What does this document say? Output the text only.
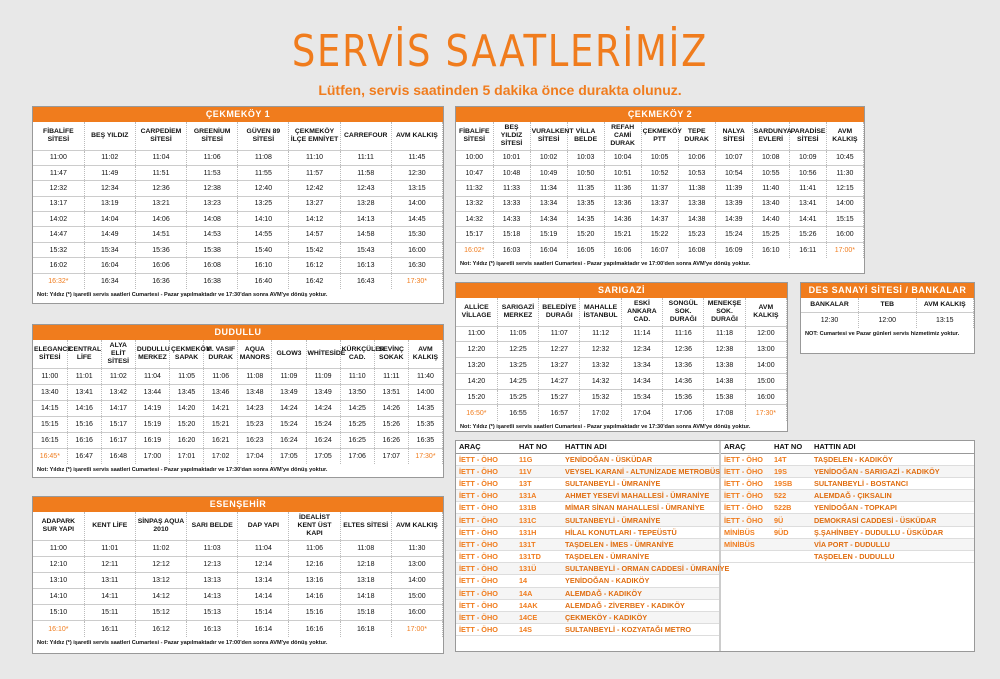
SERVİS SAATLERİMİZ
Lütfen, servis saatinden 5 dakika önce durakta olunuz.
ÇEKMEKÖY 1
FİBALİFE SİTESİ	BEŞ YILDIZ	CARPEDİEM SİTESİ	GREENİUM SİTESİ	GÜVEN 89 SİTESİ	ÇEKMEKÖY İLÇE EMNİYET	CARREFOUR	AVM KALKIŞ
11:00	11:02	11:04	11:06	11:08	11:10	11:11	11:45
11:47	11:49	11:51	11:53	11:55	11:57	11:58	12:30
12:32	12:34	12:36	12:38	12:40	12:42	12:43	13:15
13:17	13:19	13:21	13:23	13:25	13:27	13:28	14:00
14:02	14:04	14:06	14:08	14:10	14:12	14:13	14:45
14:47	14:49	14:51	14:53	14:55	14:57	14:58	15:30
15:32	15:34	15:36	15:38	15:40	15:42	15:43	16:00
16:02	16:04	16:06	16:08	16:10	16:12	16:13	16:30
16:32*	16:34	16:36	16:38	16:40	16:42	16:43	17:30*
Not: Yıldız (*) işaretli servis saatleri Cumartesi - Pazar yapılmaktadır ve 17:30'dan sonra AVM'ye dönüş yoktur.
ÇEKMEKÖY 2
FİBALİFE SİTESİ	BEŞ YILDIZ SİTESİ	VURALKENT SİTESİ	VİLLA BELDE	REFAH CAMİ DURAK	ÇEKMEKÖY PTT	TEPE DURAK	NALYA SİTESİ	SARDUNYA EVLERİ	PARADİSE SİTESİ	AVM KALKIŞ
10:00	10:01	10:02	10:03	10:04	10:05	10:06	10:07	10:08	10:09	10:45
10:47	10:48	10:49	10:50	10:51	10:52	10:53	10:54	10:55	10:56	11:30
11:32	11:33	11:34	11:35	11:36	11:37	11:38	11:39	11:40	11:41	12:15
13:32	13:33	13:34	13:35	13:36	13:37	13:38	13:39	13:40	13:41	14:00
14:32	14:33	14:34	14:35	14:36	14:37	14:38	14:39	14:40	14:41	15:15
15:17	15:18	15:19	15:20	15:21	15:22	15:23	15:24	15:25	15:26	16:00
16:02*	16:03	16:04	16:05	16:06	16:07	16:08	16:09	16:10	16:11	17:00*
Not: Yıldız (*) işaretli servis saatleri Cumartesi - Pazar yapılmaktadır ve 17:00'den sonra AVM'ye dönüş yoktur.
DUDULLU
ELEGANCE SİTESİ	CENTRAL LİFE	ALYA ELİT SİTESİ	DUDULLU MERKEZ	ÇEKMEKÖY SAPAK	M. VASIF DURAK	AQUA MANORS	GLOW3	WHİTESİDE	KÜRKÇÜLER CAD.	SEVİNÇ SOKAK	AVM KALKIŞ
11:00	11:01	11:02	11:04	11:05	11:06	11:08	11:09	11:09	11:10	11:11	11:40
13:40	13:41	13:42	13:44	13:45	13:46	13:48	13:49	13:49	13:50	13:51	14:00
14:15	14:16	14:17	14:19	14:20	14:21	14:23	14:24	14:24	14:25	14:26	14:35
15:15	15:16	15:17	15:19	15:20	15:21	15:23	15:24	15:24	15:25	15:26	15:35
16:15	16:16	16:17	16:19	16:20	16:21	16:23	16:24	16:24	16:25	16:26	16:35
16:45*	16:47	16:48	17:00	17:01	17:02	17:04	17:05	17:05	17:06	17:07	17:30*
Not: Yıldız (*) işaretli servis saatleri Cumartesi - Pazar yapılmaktadır ve 17:30'dan sonra AVM'ye dönüş yoktur.
ESENŞEHİR
ADAPARK SUR YAPI	KENT LİFE	SİNPAŞ AQUA 2010	SARI BELDE	DAP YAPI	İDEALİST KENT ÜST KAPI	ELTES SİTESİ	AVM KALKIŞ
11:00	11:01	11:02	11:03	11:04	11:06	11:08	11:30
12:10	12:11	12:12	12:13	12:14	12:16	12:18	13:00
13:10	13:11	13:12	13:13	13:14	13:16	13:18	14:00
14:10	14:11	14:12	14:13	14:14	14:16	14:18	15:00
15:10	15:11	15:12	15:13	15:14	15:16	15:18	16:00
16:10*	16:11	16:12	16:13	16:14	16:16	16:18	17:00*
Not: Yıldız (*) işaretli servis saatleri Cumartesi - Pazar yapılmaktadır ve 17:00'den sonra AVM'ye dönüş yoktur.
SARIGAZİ
ALLİCE VİLLAGE	SARIGAZİ MERKEZ	BELEDİYE DURAĞI	MAHALLE İSTANBUL	ESKİ ANKARA CAD.	SONGÜL SOK. DURAĞI	MENEKŞE SOK. DURAĞI	AVM KALKIŞ
11:00	11:05	11:07	11:12	11:14	11:16	11:18	12:00
12:20	12:25	12:27	12:32	12:34	12:36	12:38	13:00
13:20	13:25	13:27	13:32	13:34	13:36	13:38	14:00
14:20	14:25	14:27	14:32	14:34	14:36	14:38	15:00
15:20	15:25	15:27	15:32	15:34	15:36	15:38	16:00
16:50*	16:55	16:57	17:02	17:04	17:06	17:08	17:30*
Not: Yıldız (*) işaretli servis saatleri Cumartesi - Pazar yapılmaktadır ve 17:30'dan sonra AVM'ye dönüş yoktur.
DES SANAYİ SİTESİ / BANKALAR
BANKALAR	TEB	AVM KALKIŞ
12:30	12:00	13:15
NOT: Cumartesi ve Pazar günleri servis hizmetimiz yoktur.
ARAÇ	HAT NO	HATTIN ADI
İETT - ÖHO	11G	YENİDOĞAN - ÜSKÜDAR
İETT - ÖHO	11V	VEYSEL KARANİ - ALTUNİZADE METROBÜS
İETT - ÖHO	13T	SULTANBEYLİ - ÜMRANİYE
İETT - ÖHO	131A	AHMET YESEVİ MAHALLESİ - ÜMRANİYE
İETT - ÖHO	131B	MİMAR SİNAN MAHALLESİ - ÜMRANİYE
İETT - ÖHO	131C	SULTANBEYLİ - ÜMRANİYE
İETT - ÖHO	131H	HİLAL KONUTLARI - TEPEÜSTÜ
İETT - ÖHO	131T	TAŞDELEN - İMES - ÜMRANİYE
İETT - ÖHO	131TD	TAŞDELEN - ÜMRANİYE
İETT - ÖHO	131Ü	SULTANBEYLİ - ORMAN CADDESİ - ÜMRANİYE
İETT - ÖHO	14	YENİDOĞAN - KADIKÖY
İETT - ÖHO	14A	ALEMDAĞ - KADIKÖY
İETT - ÖHO	14AK	ALEMDAĞ - ZİVERBEY - KADIKÖY
İETT - ÖHO	14CE	ÇEKMEKÖY - KADIKÖY
İETT - ÖHO	14S	SULTANBEYLİ - KOZYATAĞI METRO
ARAÇ	HAT NO	HATTIN ADI
İETT - ÖHO	14T	TAŞDELEN - KADIKÖY
İETT - ÖHO	19S	YENİDOĞAN - SARIGAZİ - KADIKÖY
İETT - ÖHO	19SB	SULTANBEYLİ - BOSTANCI
İETT - ÖHO	522	ALEMDAĞ - ÇIKSALIN
İETT - ÖHO	522B	YENİDOĞAN - TOPKAPI
İETT - ÖHO	9Ü	DEMOKRASİ CADDESİ - ÜSKÜDAR
MİNİBÜS	9ÜD	Ş.ŞAHİNBEY - DUDULLU - ÜSKÜDAR
MİNİBÜS		VİA PORT - DUDULLU
		TAŞDELEN - DUDULLU
